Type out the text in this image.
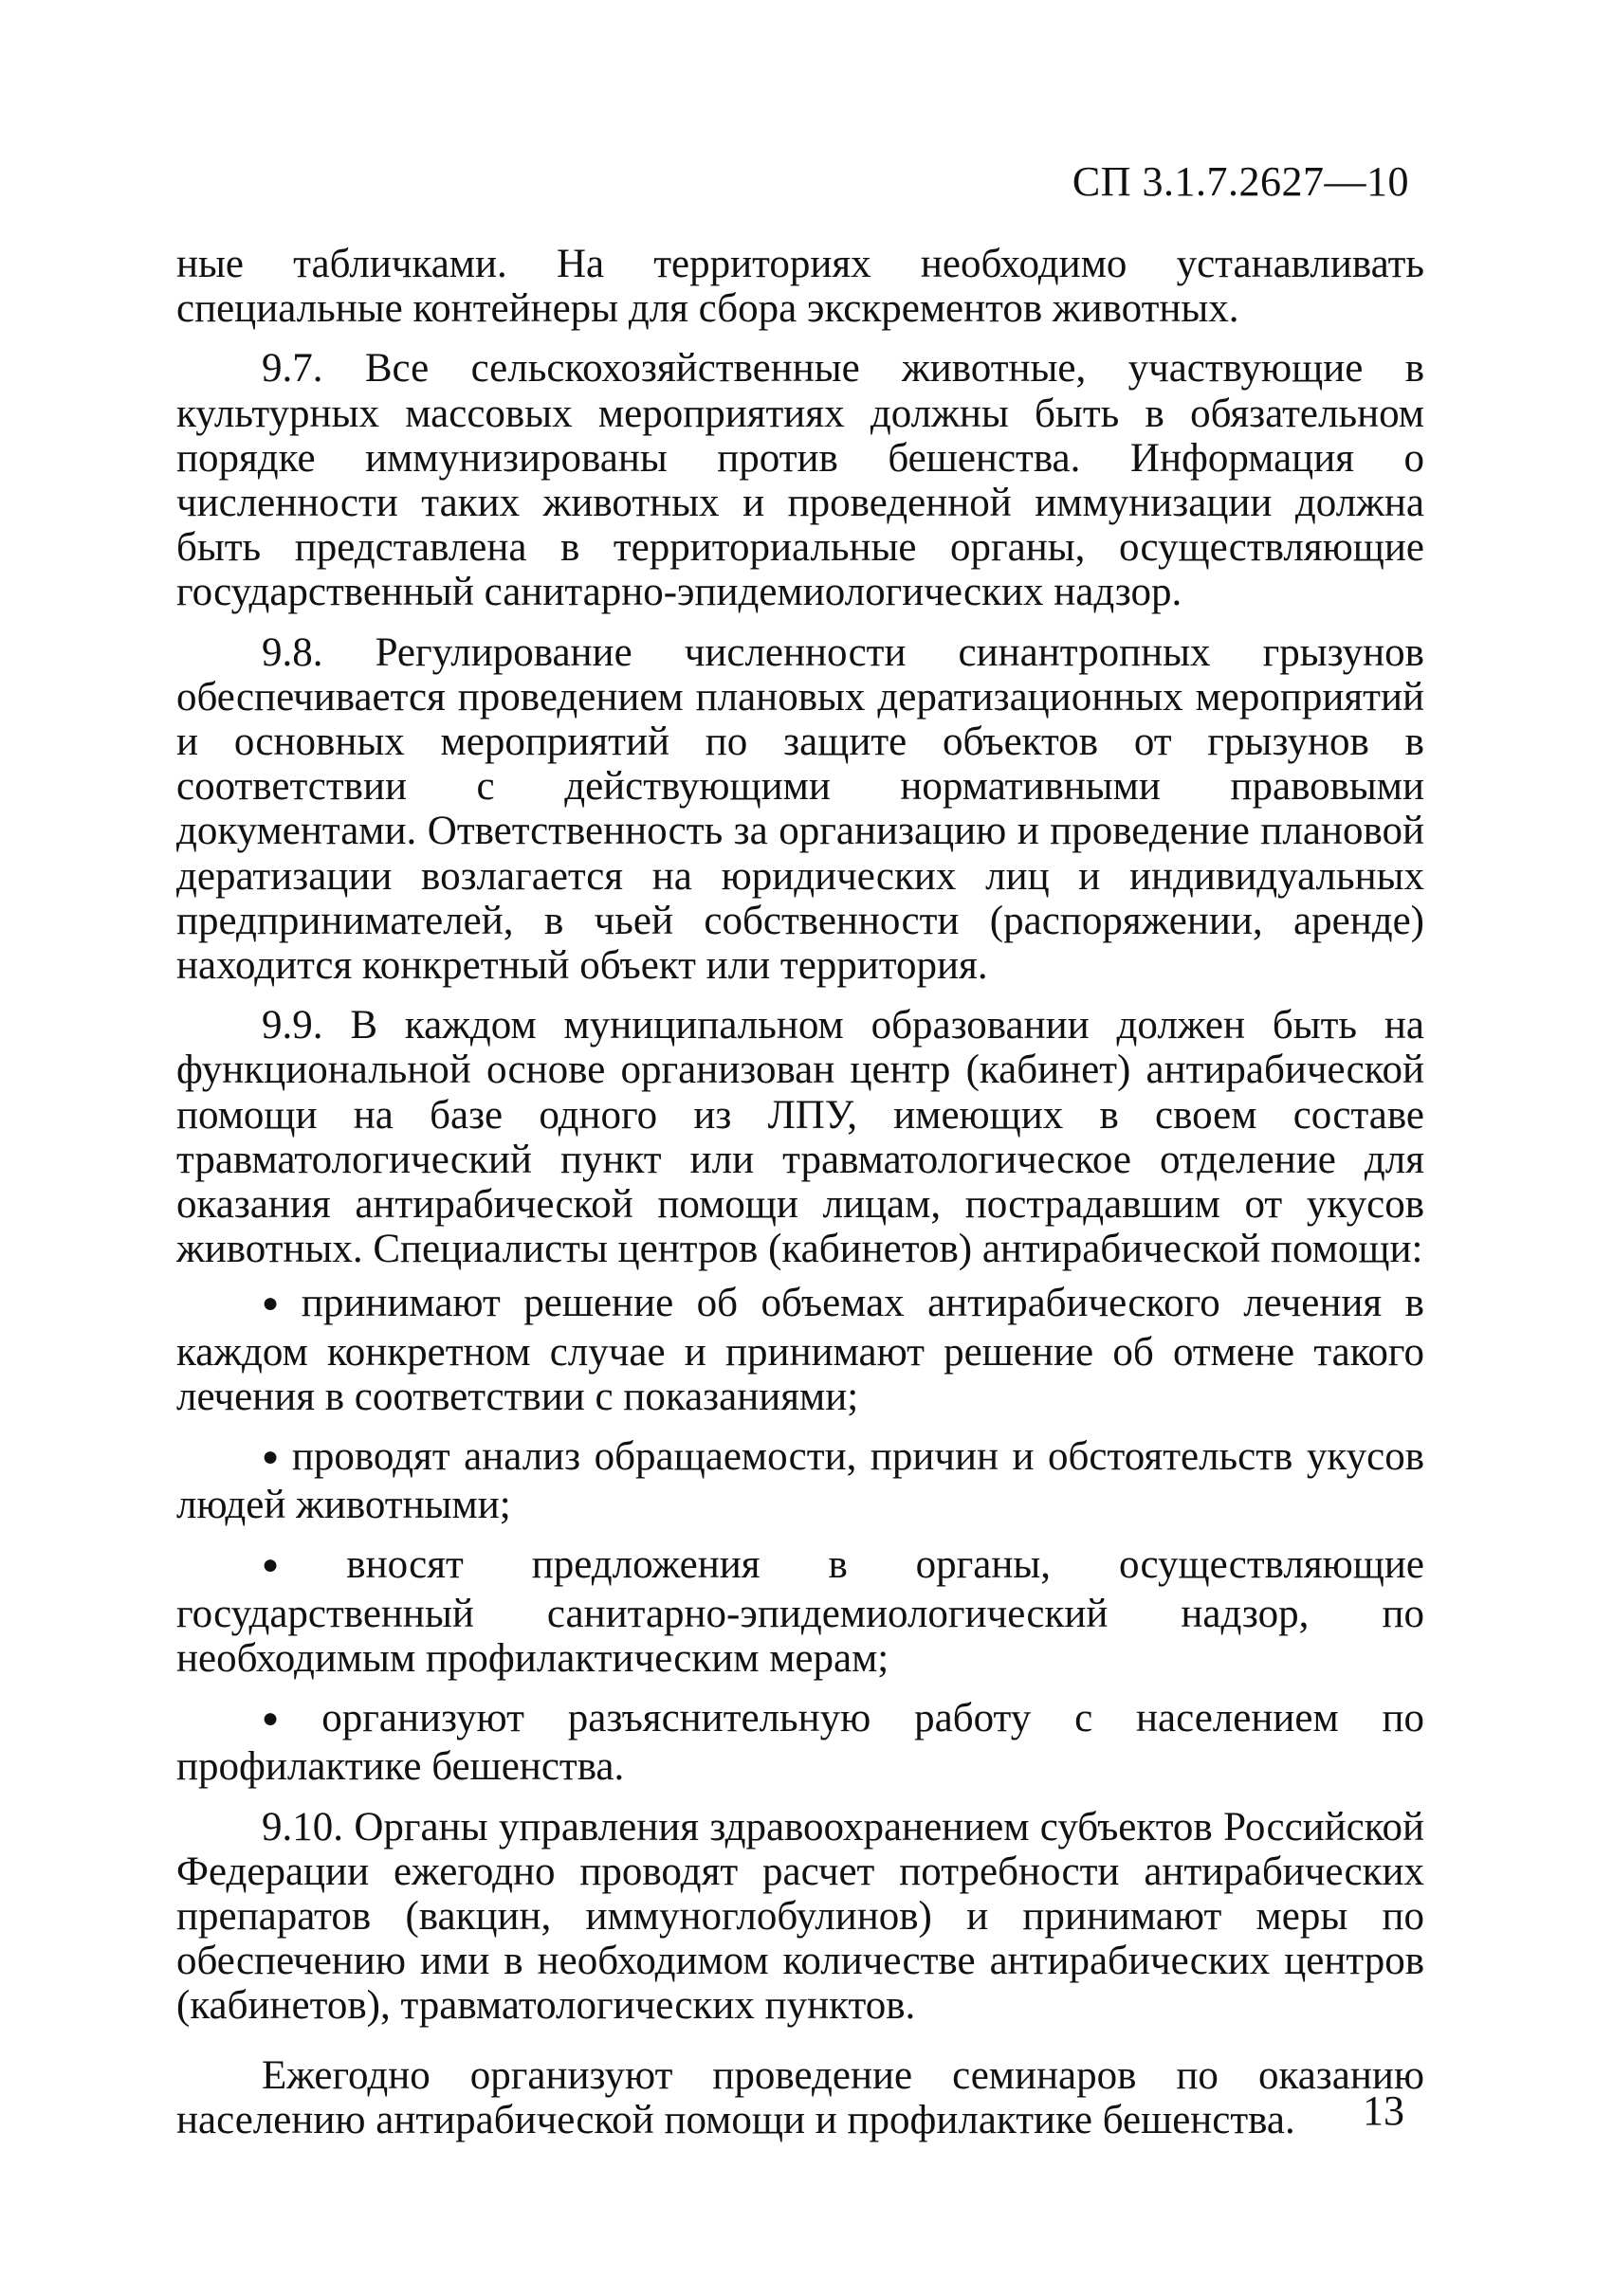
СП 3.1.7.2627—10

ные табличками. На территориях необходимо устанавливать специальные контейнеры для сбора экскрементов животных.

9.7. Все сельскохозяйственные животные, участвующие в культурных массовых мероприятиях должны быть в обязательном порядке иммунизированы против бешенства. Информация о численности таких животных и проведенной иммунизации должна быть представлена в территориальные органы, осуществляющие государственный санитарно-эпидемиологических надзор.

9.8. Регулирование численности синантропных грызунов обеспечивается проведением плановых дератизационных мероприятий и основных мероприятий по защите объектов от грызунов в соответствии с действующими нормативными правовыми документами. Ответственность за организацию и проведение плановой дератизации возлагается на юридических лиц и индивидуальных предпринимателей, в чьей собственности (распоряжении, аренде) находится конкретный объект или территория.

9.9. В каждом муниципальном образовании должен быть на функциональной основе организован центр (кабинет) антирабической помощи на базе одного из ЛПУ, имеющих в своем составе травматологический пункт или травматологическое отделение для оказания антирабической помощи лицам, пострадавшим от укусов животных. Специалисты центров (кабинетов) антирабической помощи:

● принимают решение об объемах антирабического лечения в каждом конкретном случае и принимают решение об отмене такого лечения в соответствии с показаниями;

● проводят анализ обращаемости, причин и обстоятельств укусов людей животными;

● вносят предложения в органы, осуществляющие государственный санитарно-эпидемиологический надзор, по необходимым профилактическим мерам;

● организуют разъяснительную работу с населением по профилактике бешенства.

9.10. Органы управления здравоохранением субъектов Российской Федерации ежегодно проводят расчет потребности антирабических препаратов (вакцин, иммуноглобулинов) и принимают меры по обеспечению ими в необходимом количестве антирабических центров (кабинетов), травматологических пунктов.

Ежегодно организуют проведение семинаров по оказанию населению антирабической помощи и профилактике бешенства.	13
